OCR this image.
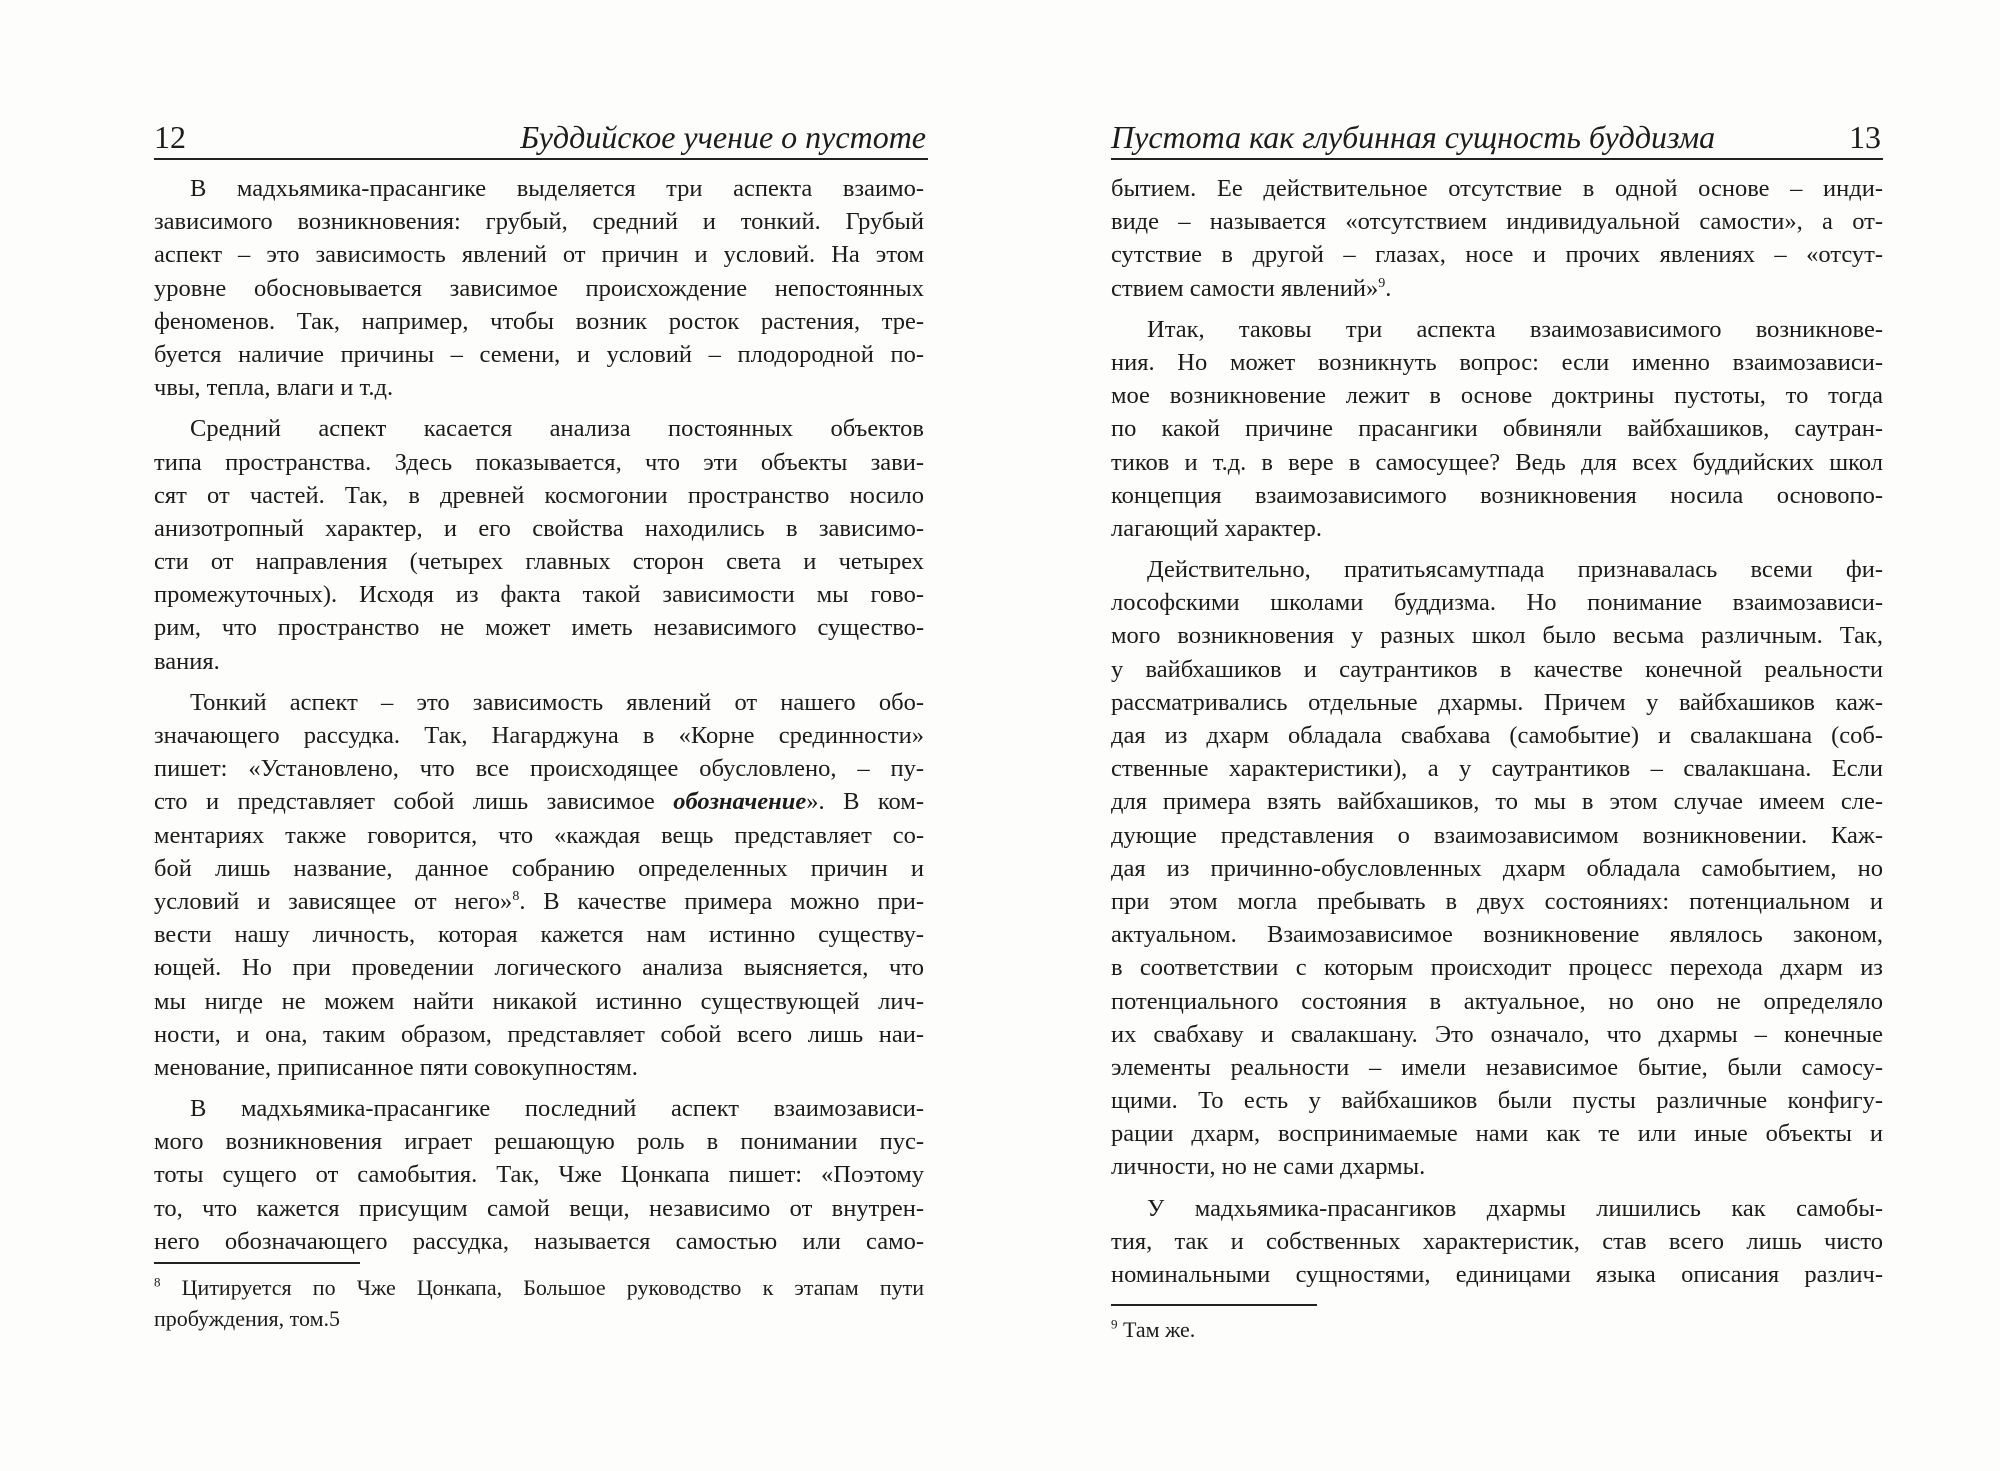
12	Буддийское учение о пустоте
В мадхьямика-прасангике выделяется три аспекта взаимо-
зависимого возникновения: грубый, средний и тонкий. Грубый
аспект – это зависимость явлений от причин и условий. На этом
уровне обосновывается зависимое происхождение непостоянных
феноменов. Так, например, чтобы возник росток растения, тре-
буется наличие причины – семени, и условий – плодородной по-
чвы, тепла, влаги и т.д.
Средний аспект касается анализа постоянных объектов
типа пространства. Здесь показывается, что эти объекты зави-
сят от частей. Так, в древней космогонии пространство носило
анизотропный характер, и его свойства находились в зависимо-
сти от направления (четырех главных сторон света и четырех
промежуточных). Исходя из факта такой зависимости мы гово-
рим, что пространство не может иметь независимого существо-
вания.
Тонкий аспект – это зависимость явлений от нашего обо-
значающего рассудка. Так, Нагарджуна в «Корне срединности»
пишет: «Установлено, что все происходящее обусловлено, – пу-
сто и представляет собой лишь зависимое обозначение». В ком-
ментариях также говорится, что «каждая вещь представляет со-
бой лишь название, данное собранию определенных причин и
условий и зависящее от него»$^8$. В качестве примера можно при-
вести нашу личность, которая кажется нам истинно существу-
ющей. Но при проведении логического анализа выясняется, что
мы нигде не можем найти никакой истинно существующей лич-
ности, и она, таким образом, представляет собой всего лишь наи-
менование, приписанное пяти совокупностям.
В мадхьямика-прасангике последний аспект взаимозависи-
мого возникновения играет решающую роль в понимании пус-
тоты сущего от самобытия. Так, Чже Цонкапа пишет: «Поэтому
то, что кажется присущим самой вещи, независимо от внутрен-
него обозначающего рассудка, называется самостью или само-
$^8$ Цитируется по Чже Цонкапа, Большое руководство к этапам пути
пробуждения, том.5
Пустота как глубинная сущность буддизма	13
бытием. Ее действительное отсутствие в одной основе – инди-
виде – называется «отсутствием индивидуальной самости», а от-
сутствие в другой – глазах, носе и прочих явлениях – «отсут-
ствием самости явлений»$^9$.
Итак, таковы три аспекта взаимозависимого возникнове-
ния. Но может возникнуть вопрос: если именно взаимозависи-
мое возникновение лежит в основе доктрины пустоты, то тогда
по какой причине прасангики обвиняли вайбхашиков, саутран-
тиков и т.д. в вере в самосущее? Ведь для всех буддийских школ
концепция взаимозависимого возникновения носила основопо-
лагающий характер.
Действительно, пратитьясамутпада признавалась всеми фи-
лософскими школами буддизма. Но понимание взаимозависи-
мого возникновения у разных школ было весьма различным. Так,
у вайбхашиков и саутрантиков в качестве конечной реальности
рассматривались отдельные дхармы. Причем у вайбхашиков каж-
дая из дхарм обладала свабхава (самобытие) и свалакшана (соб-
ственные характеристики), а у саутрантиков – свалакшана. Если
для примера взять вайбхашиков, то мы в этом случае имеем сле-
дующие представления о взаимозависимом возникновении. Каж-
дая из причинно-обусловленных дхарм обладала самобытием, но
при этом могла пребывать в двух состояниях: потенциальном и
актуальном. Взаимозависимое возникновение являлось законом,
в соответствии с которым происходит процесс перехода дхарм из
потенциального состояния в актуальное, но оно не определяло
их свабхаву и свалакшану. Это означало, что дхармы – конечные
элементы реальности – имели независимое бытие, были самосу-
щими. То есть у вайбхашиков были пусты различные конфигу-
рации дхарм, воспринимаемые нами как те или иные объекты и
личности, но не сами дхармы.
У мадхьямика-прасангиков дхармы лишились как самобы-
тия, так и собственных характеристик, став всего лишь чисто
номинальными сущностями, единицами языка описания различ-
$^9$ Там же.
